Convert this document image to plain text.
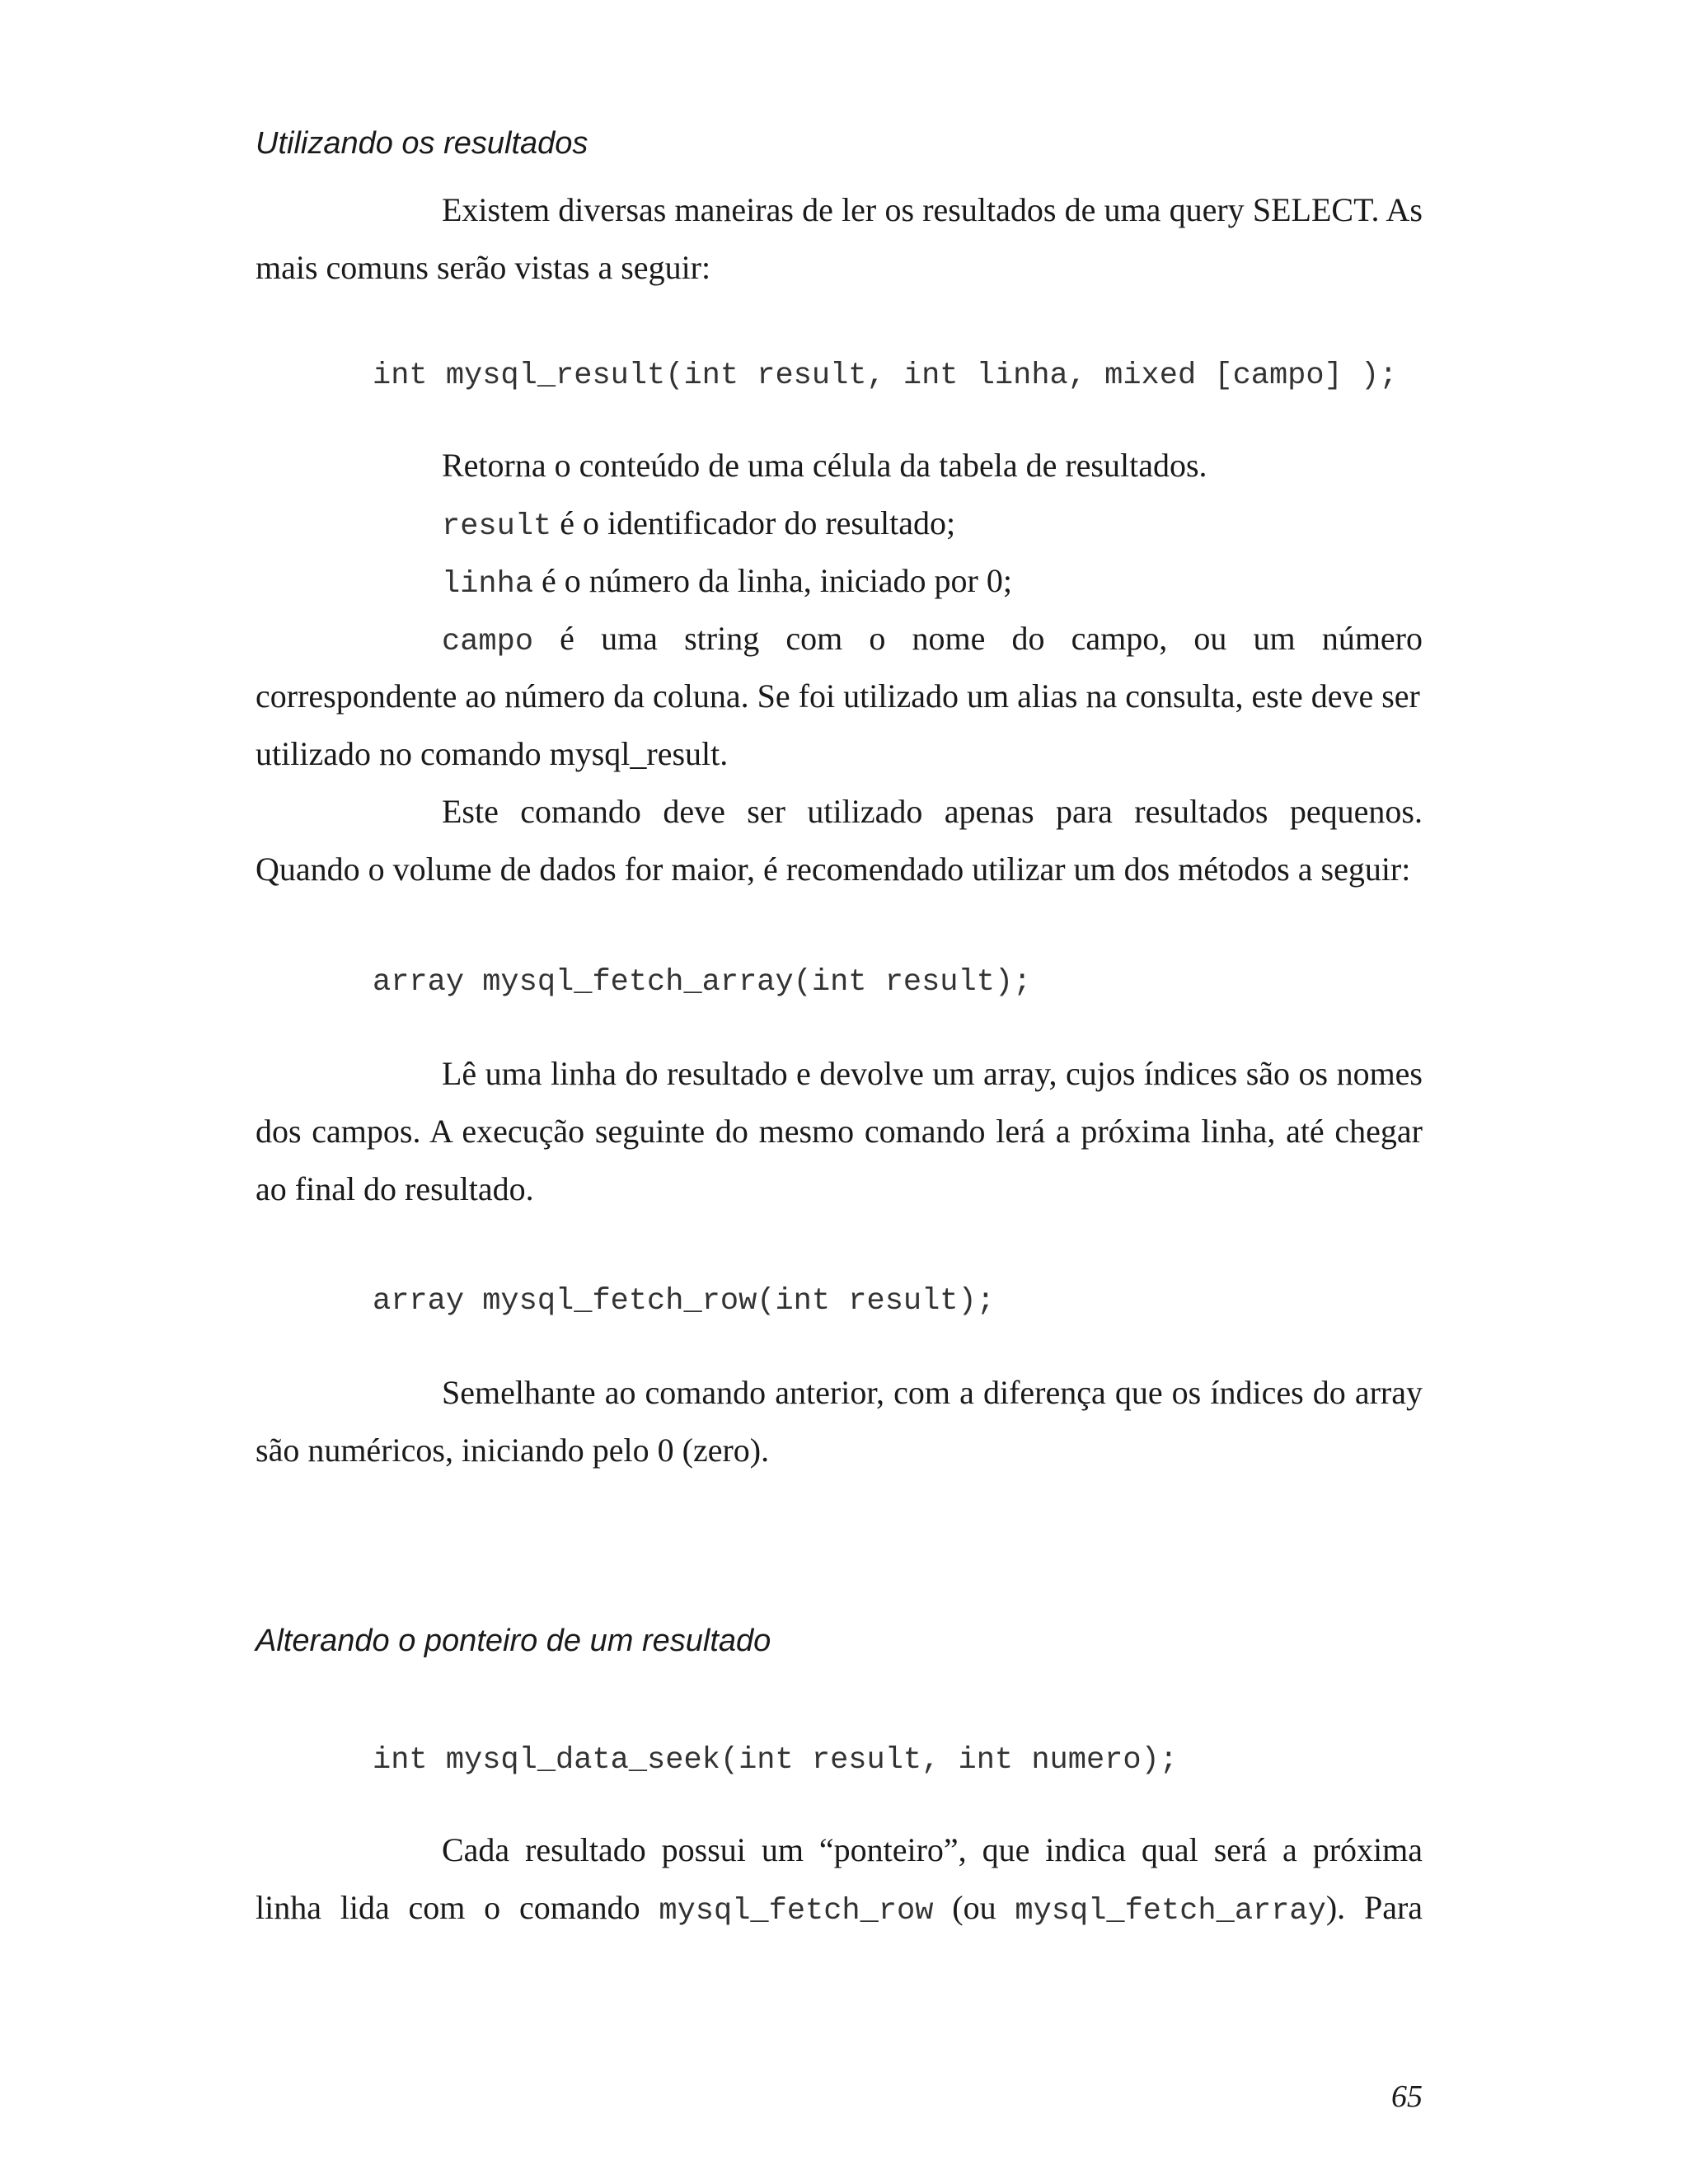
Utilizando os resultados

Existem diversas maneiras de ler os resultados de uma query SELECT. As mais comuns serão vistas a seguir:

int mysql_result(int result, int linha, mixed [campo] );

Retorna o conteúdo de uma célula da tabela de resultados.

result é o identificador do resultado;

linha é o número da linha, iniciado por 0;

campo é uma string com o nome do campo, ou um número

correspondente ao número da coluna. Se foi utilizado um alias na consulta, este deve ser

utilizado no comando mysql_result.

Este comando deve ser utilizado apenas para resultados pequenos. Quando o volume de dados for maior, é recomendado utilizar um dos métodos a seguir:

array mysql_fetch_array(int result);

Lê uma linha do resultado e devolve um array, cujos índices são os nomes dos campos. A execução seguinte do mesmo comando lerá a próxima linha, até chegar ao final do resultado.

array mysql_fetch_row(int result);

Semelhante ao comando anterior, com a diferença que os índices do array são numéricos, iniciando pelo 0 (zero).

Alterando o ponteiro de um resultado
int mysql_data_seek(int result, int numero);

Cada resultado possui um “ponteiro”, que indica qual será a próxima

linha lida com o comando mysql_fetch_row (ou mysql_fetch_array). Para

65
